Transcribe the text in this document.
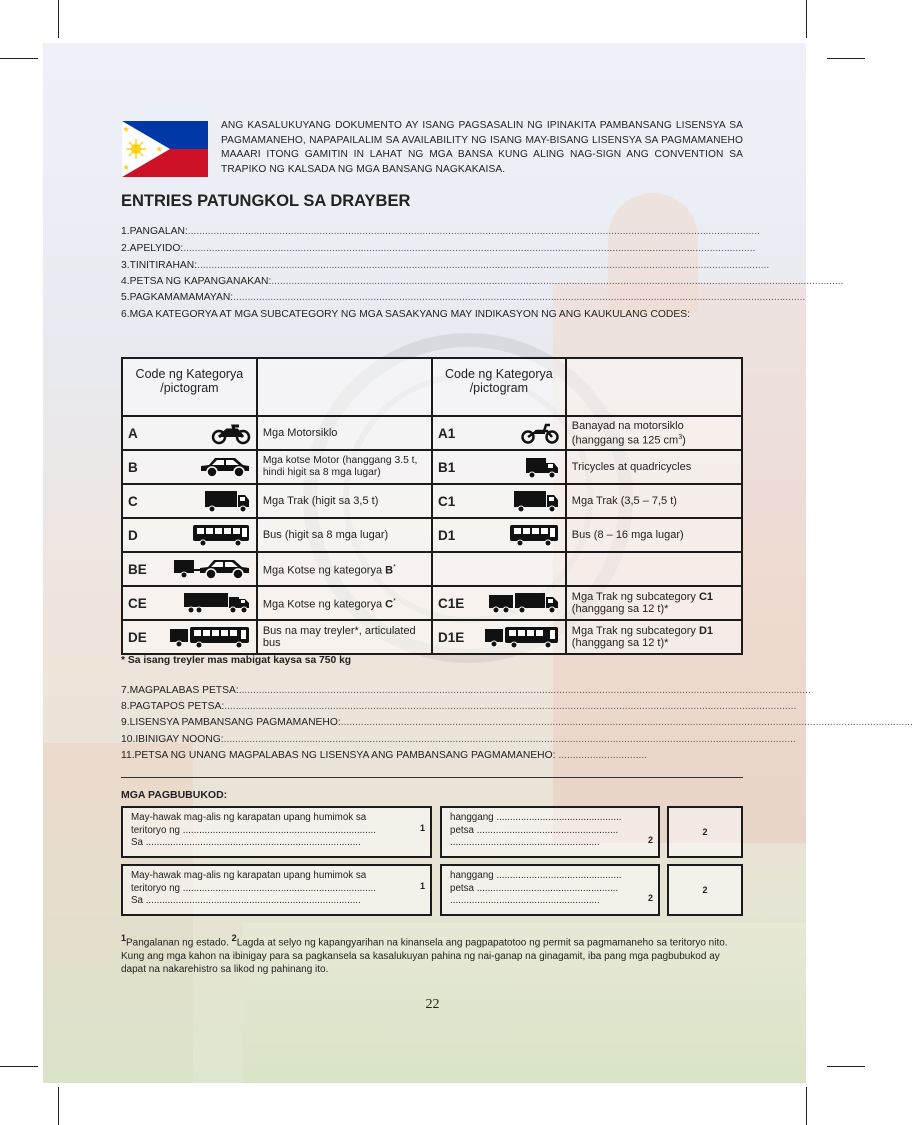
ANG KASALUKUYANG DOKUMENTO AY ISANG PAGSASALIN NG IPINAKITA PAMBANSANG LISENSYA SA PAGMAMANEHO, NAPAPAILALIM SA AVAILABILITY NG ISANG MAY-BISANG LISENSYA SA PAGMAMANEHO MAAARI ITONG GAMITIN IN LAHAT NG MGA BANSA KUNG ALING NAG-SIGN ANG CONVENTION SA TRAPIKO NG KALSADA NG MGA BANSANG NAGKAKAISA.

ENTRIES PATUNGKOL SA DRAYBER
1.PANGALAN:........................................................................................................................................................................................................
2.APELYIDO:........................................................................................................................................................................................................
3.TINITIRAHAN:........................................................................................................................................................................................................
4.PETSA NG KAPANGANAKAN:........................................................................................................................................................................................................
5.PAGKAMAMAMAYAN:........................................................................................................................................................................................................
6.MGA KATEGORYA AT MGA SUBCATEGORY NG MGA SASAKYANG MAY INDIKASYON NG ANG KAUKULANG CODES:
Code ng Kategorya /pictogram		Code ng Kategorya /pictogram	

A	Mga Motorsiklo	A1	Banayad na motorsiklo (hanggang sa 125 $cm^3$)

B	Mga kotse Motor (hanggang 3.5 t, hindi higit sa 8 mga lugar)	B1	Tricycles at quadricycles

C	Mga Trak (higit sa 3,5 t)	C1	Mga Trak (3,5 – 7,5 t)

D	Bus (higit sa 8 mga lugar)	D1	Bus (8 – 16 mga lugar)

BE	Mga Kotse ng kategorya B*		

CE	Mga Kotse ng kategorya C*	C1E	Mga Trak ng subcategory C1 (hanggang sa 12 t)*

DE	Bus na may treyler*, articulated bus	D1E	Mga Trak ng subcategory D1 (hanggang sa 12 t)*
* Sa isang treyler mas mabigat kaysa sa 750 kg
7.MAGPALABAS PETSA:........................................................................................................................................................................................................
8.PAGTAPOS PETSA:........................................................................................................................................................................................................
9.LISENSYA PAMBANSANG PAGMAMANEHO:........................................................................................................................................................................................................
10.IBINIGAY NOONG:........................................................................................................................................................................................................
11.PETSA NG UNANG MAGPALABAS NG LISENSYA ANG PAMBANSANG PAGMAMANEHO: ...............................
MGA PAGBUBUKOD:
May-hawak mag-alis ng karapatan upang humimok sa
teritoryo ng .......................................................................
Sa ...............................................................................
1
hanggang ..............................................
petsa ....................................................
.......................................................	2
2
May-hawak mag-alis ng karapatan upang humimok sa
teritoryo ng .......................................................................
Sa ...............................................................................
1
hanggang ..............................................
petsa ....................................................
.......................................................	2
2

$^1$Pangalanan ng estado. $^2$Lagda at selyo ng kapangyarihan na kinansela ang pagpapatotoo ng permit sa pagmamaneho sa teritoryo nito. Kung ang mga kahon na ibinigay para sa pagkansela sa kasalukuyan pahina ng nai-ganap na ginagamit, iba pang mga pagbubukod ay dapat na nakarehistro sa likod ng pahinang ito.

22
